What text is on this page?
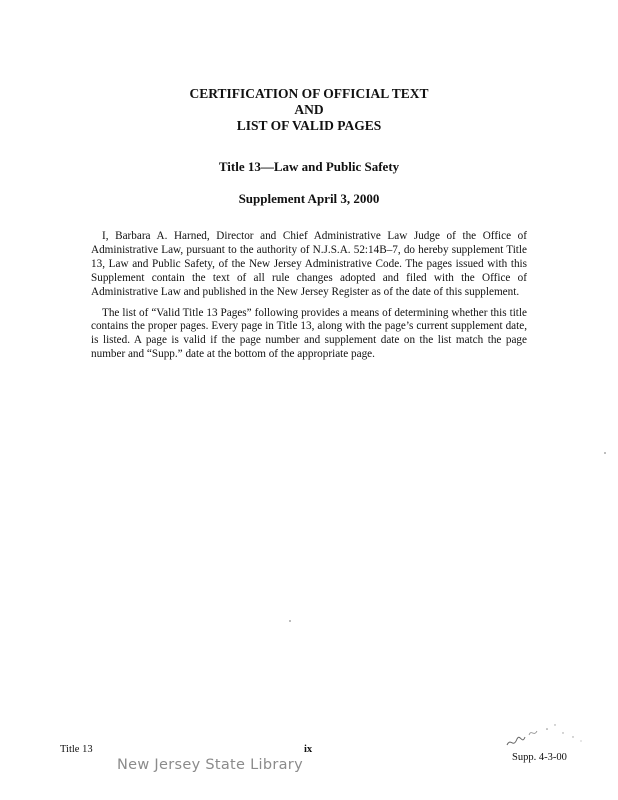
CERTIFICATION OF OFFICIAL TEXT
AND
LIST OF VALID PAGES
Title 13—Law and Public Safety
Supplement April 3, 2000

I, Barbara A. Harned, Director and Chief Administrative Law Judge of the Office of Administrative Law, pursuant to the authority of N.J.S.A. 52:14B–7, do hereby supplement Title 13, Law and Public Safety, of the New Jersey Administrative Code. The pages issued with this Supplement contain the text of all rule changes adopted and filed with the Office of Administrative Law and published in the New Jersey Register as of the date of this supplement.

The list of “Valid Title 13 Pages” following provides a means of determining whether this title contains the proper pages. Every page in Title 13, along with the page’s current supplement date, is listed. A page is valid if the page number and supplement date on the list match the page number and “Supp.” date at the bottom of the appropriate page.

Title 13	ix
Supp. 4-3-00
New Jersey State Library
